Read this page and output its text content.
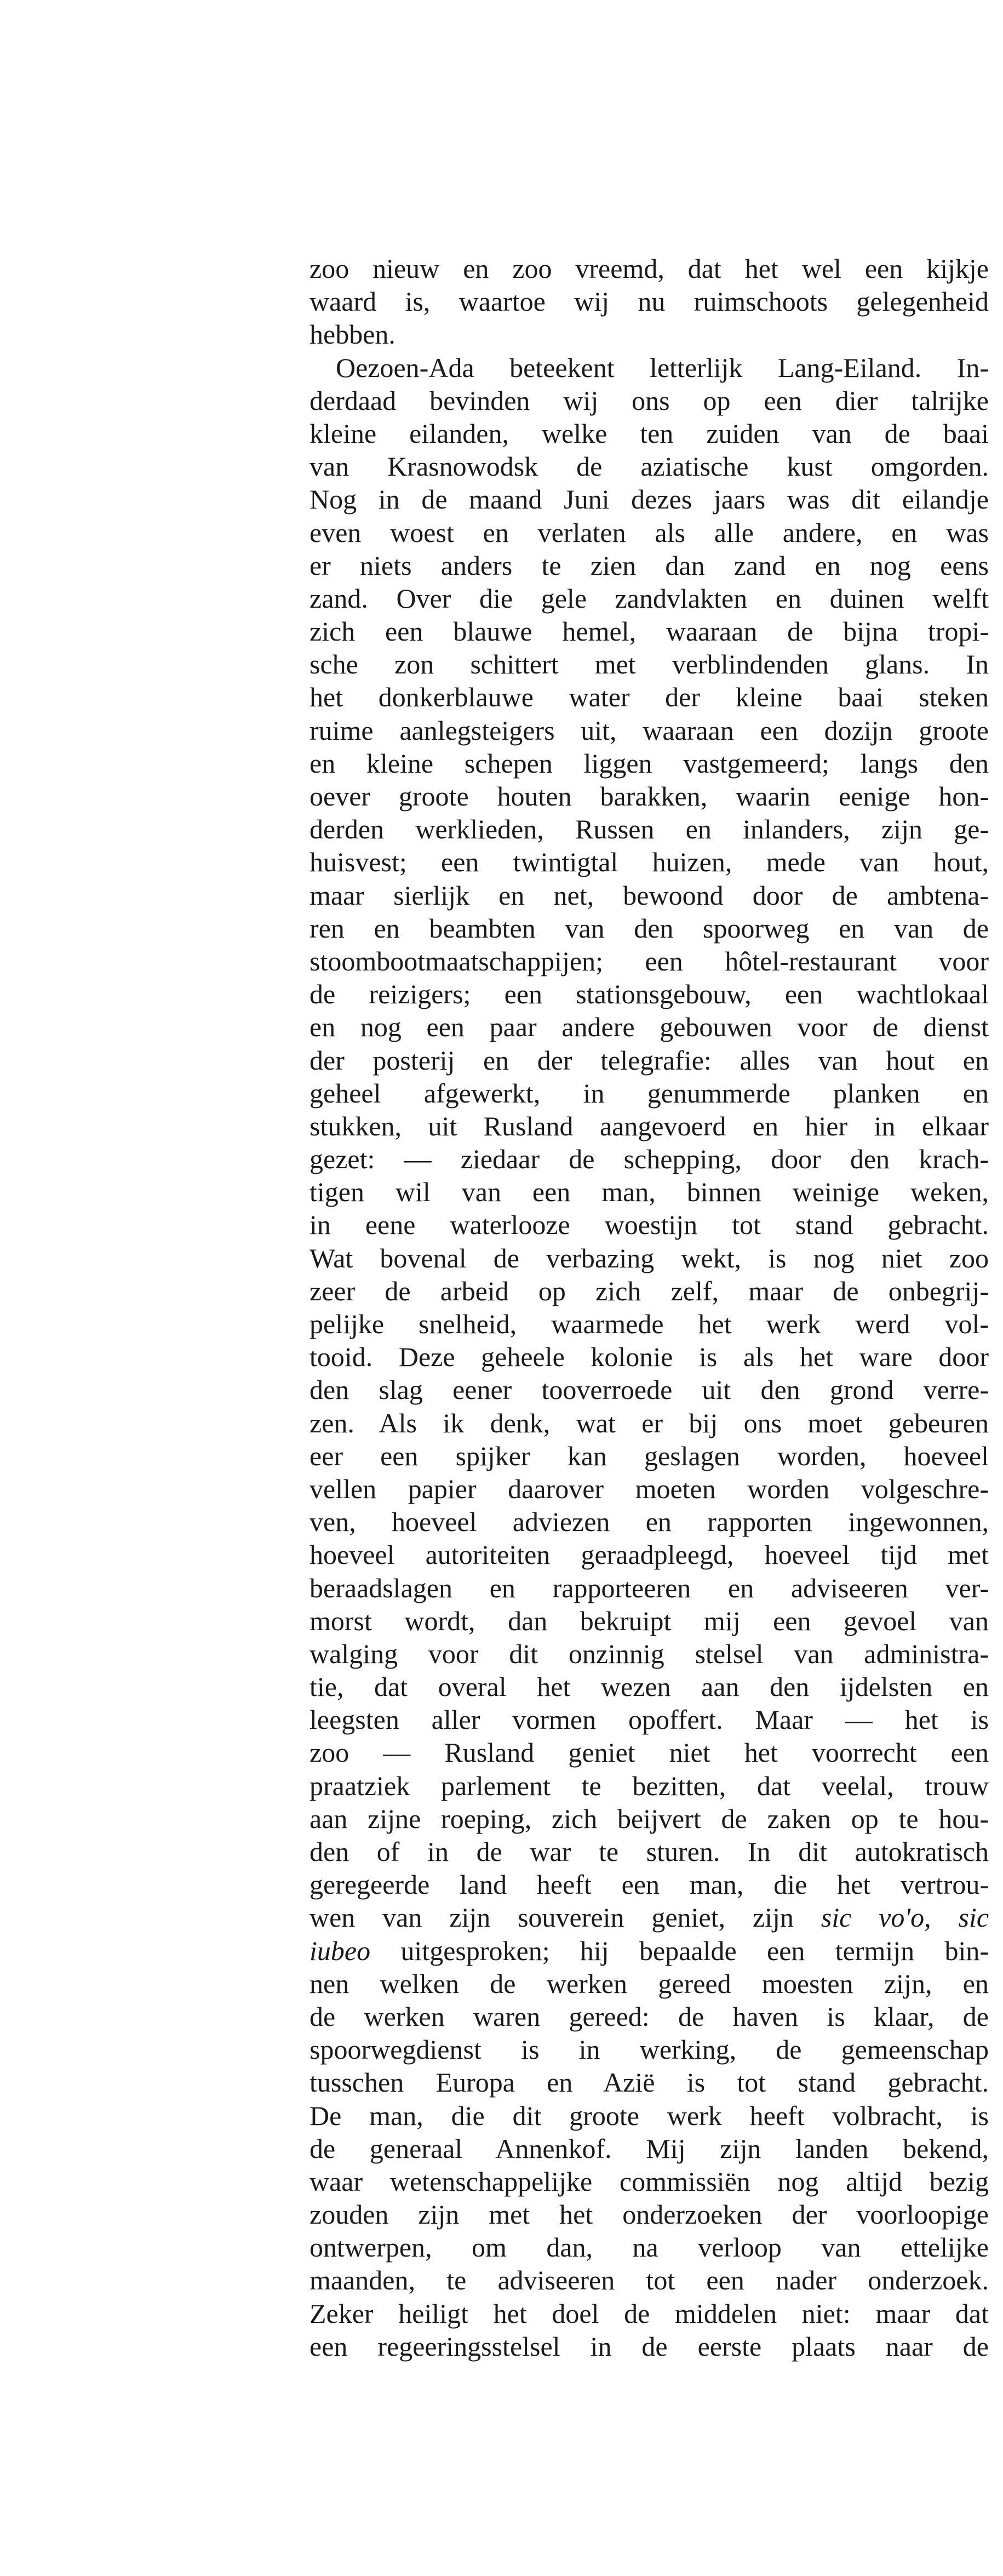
zoo nieuw en zoo vreemd, dat het wel een kijkje
waard is, waartoe wij nu ruimschoots gelegenheid
hebben.
Oezoen-Ada beteekent letterlijk Lang-Eiland. In-
derdaad bevinden wij ons op een dier talrijke
kleine eilanden, welke ten zuiden van de baai
van Krasnowodsk de aziatische kust omgorden.
Nog in de maand Juni dezes jaars was dit eilandje
even woest en verlaten als alle andere, en was
er niets anders te zien dan zand en nog eens
zand. Over die gele zandvlakten en duinen welft
zich een blauwe hemel, waaraan de bijna tropi-
sche zon schittert met verblindenden glans. In
het donkerblauwe water der kleine baai steken
ruime aanlegsteigers uit, waaraan een dozijn groote
en kleine schepen liggen vastgemeerd; langs den
oever groote houten barakken, waarin eenige hon-
derden werklieden, Russen en inlanders, zijn ge-
huisvest; een twintigtal huizen, mede van hout,
maar sierlijk en net, bewoond door de ambtena-
ren en beambten van den spoorweg en van de
stoombootmaatschappijen; een hôtel-restaurant voor
de reizigers; een stationsgebouw, een wachtlokaal
en nog een paar andere gebouwen voor de dienst
der posterij en der telegrafie: alles van hout en
geheel afgewerkt, in genummerde planken en
stukken, uit Rusland aangevoerd en hier in elkaar
gezet: — ziedaar de schepping, door den krach-
tigen wil van een man, binnen weinige weken,
in eene waterlooze woestijn tot stand gebracht.
Wat bovenal de verbazing wekt, is nog niet zoo
zeer de arbeid op zich zelf, maar de onbegrij-
pelijke snelheid, waarmede het werk werd vol-
tooid. Deze geheele kolonie is als het ware door
den slag eener tooverroede uit den grond verre-
zen. Als ik denk, wat er bij ons moet gebeuren
eer een spijker kan geslagen worden, hoeveel
vellen papier daarover moeten worden volgeschre-
ven, hoeveel adviezen en rapporten ingewonnen,
hoeveel autoriteiten geraadpleegd, hoeveel tijd met
beraadslagen en rapporteeren en adviseeren ver-
morst wordt, dan bekruipt mij een gevoel van
walging voor dit onzinnig stelsel van administra-
tie, dat overal het wezen aan den ijdelsten en
leegsten aller vormen opoffert. Maar — het is
zoo — Rusland geniet niet het voorrecht een
praatziek parlement te bezitten, dat veelal, trouw
aan zijne roeping, zich beijvert de zaken op te hou-
den of in de war te sturen. In dit autokratisch
geregeerde land heeft een man, die het vertrou-
wen van zijn souverein geniet, zijn sic vo'o, sic
iubeo uitgesproken; hij bepaalde een termijn bin-
nen welken de werken gereed moesten zijn, en
de werken waren gereed: de haven is klaar, de
spoorwegdienst is in werking, de gemeenschap
tusschen Europa en Azië is tot stand gebracht.
De man, die dit groote werk heeft volbracht, is
de generaal Annenkof. Mij zijn landen bekend,
waar wetenschappelijke commissiën nog altijd bezig
zouden zijn met het onderzoeken der voorloopige
ontwerpen, om dan, na verloop van ettelijke
maanden, te adviseeren tot een nader onderzoek.
Zeker heiligt het doel de middelen niet: maar dat
een regeeringsstelsel in de eerste plaats naar de
